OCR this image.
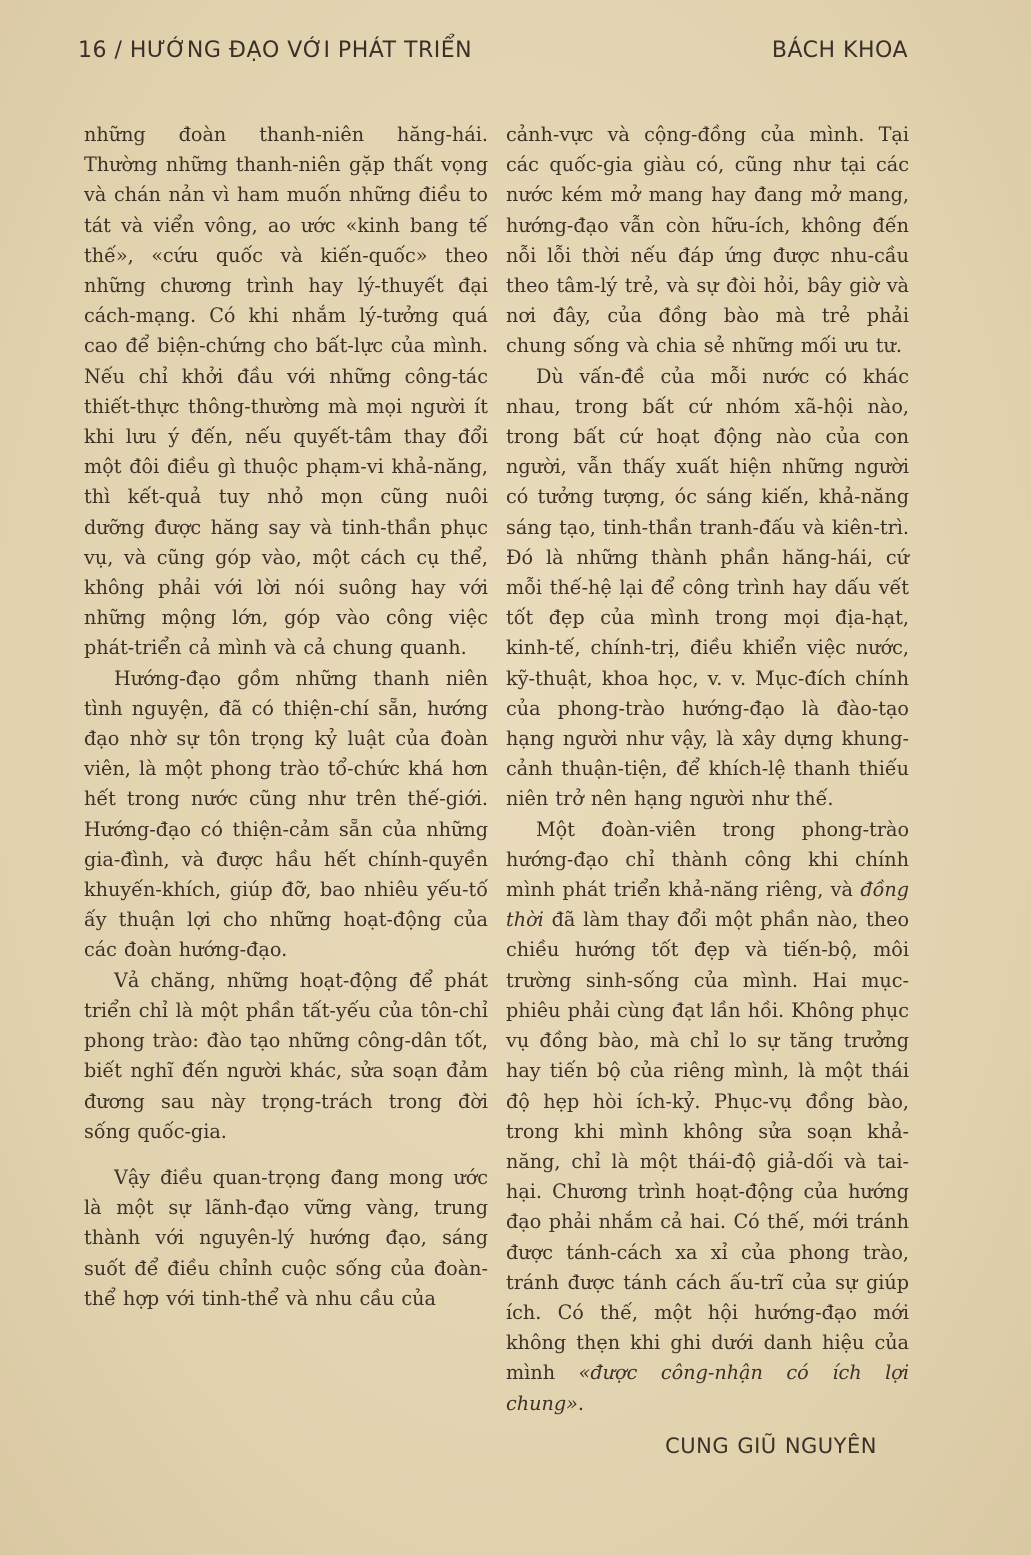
16 / HƯỚNG ĐẠO VỚI PHÁT TRIỂN	BÁCH KHOA

những đoàn thanh-niên hăng-hái. Thường những thanh-niên gặp thất vọng và chán nản vì ham muốn những điều to tát và viển vông, ao ước «kinh bang tế thế», «cứu quốc và kiến-quốc» theo những chương trình hay lý-thuyết đại cách-mạng. Có khi nhắm lý-tưởng quá cao để biện-chứng cho bất-lực của mình. Nếu chỉ khởi đầu với những công-tác thiết-thực thông-thường mà mọi người ít khi lưu ý đến, nếu quyết-tâm thay đổi một đôi điều gì thuộc phạm-vi khả-năng, thì kết-quả tuy nhỏ mọn cũng nuôi dưỡng được hăng say và tinh-thần phục vụ, và cũng góp vào, một cách cụ thể, không phải với lời nói suông hay với những mộng lớn, góp vào công việc phát-triển cả mình và cả chung quanh.

Hướng-đạo gồm những thanh niên tình nguyện, đã có thiện-chí sẵn, hướng đạo nhờ sự tôn trọng kỷ luật của đoàn viên, là một phong trào tổ-chức khá hơn hết trong nước cũng như trên thế-giới. Hướng-đạo có thiện-cảm sẵn của những gia-đình, và được hầu hết chính-quyền khuyến-khích, giúp đỡ, bao nhiêu yếu-tố ấy thuận lợi cho những hoạt-động của các đoàn hướng-đạo.

Vả chăng, những hoạt-động để phát triển chỉ là một phần tất-yếu của tôn-chỉ phong trào: đào tạo những công-dân tốt, biết nghĩ đến người khác, sửa soạn đảm đương sau này trọng-trách trong đời sống quốc-gia.

Vậy điều quan-trọng đang mong ước là một sự lãnh-đạo vững vàng, trung thành với nguyên-lý hướng đạo, sáng suốt để điều chỉnh cuộc sống của đoàn-thể hợp với tinh-thể và nhu cầu của

cảnh-vực và cộng-đồng của mình. Tại các quốc-gia giàu có, cũng như tại các nước kém mở mang hay đang mở mang, hướng-đạo vẫn còn hữu-ích, không đến nỗi lỗi thời nếu đáp ứng được nhu-cầu theo tâm-lý trẻ, và sự đòi hỏi, bây giờ và nơi đây, của đồng bào mà trẻ phải chung sống và chia sẻ những mối ưu tư.

Dù vấn-đề của mỗi nước có khác nhau, trong bất cứ nhóm xã-hội nào, trong bất cứ hoạt động nào của con người, vẫn thấy xuất hiện những người có tưởng tượng, óc sáng kiến, khả-năng sáng tạo, tinh-thần tranh-đấu và kiên-trì. Đó là những thành phần hăng-hái, cứ mỗi thế-hệ lại để công trình hay dấu vết tốt đẹp của mình trong mọi địa-hạt, kinh-tế, chính-trị, điều khiển việc nước, kỹ-thuật, khoa học, v. v. Mục-đích chính của phong-trào hướng-đạo là đào-tạo hạng người như vậy, là xây dựng khung-cảnh thuận-tiện, để khích-lệ thanh thiếu niên trở nên hạng người như thế.

Một đoàn-viên trong phong-trào hướng-đạo chỉ thành công khi chính mình phát triển khả-năng riêng, và đồng thời đã làm thay đổi một phần nào, theo chiều hướng tốt đẹp và tiến-bộ, môi trường sinh-sống của mình. Hai mục-phiêu phải cùng đạt lần hồi. Không phục vụ đồng bào, mà chỉ lo sự tăng trưởng hay tiến bộ của riêng mình, là một thái độ hẹp hòi ích-kỷ. Phục-vụ đồng bào, trong khi mình không sửa soạn khả-năng, chỉ là một thái-độ giả-dối và tai-hại. Chương trình hoạt-động của hướng đạo phải nhắm cả hai. Có thế, mới tránh được tánh-cách xa xỉ của phong trào, tránh được tánh cách ấu-trĩ của sự giúp ích. Có thế, một hội hướng-đạo mới không thẹn khi ghi dưới danh hiệu của mình «được công-nhận có ích lợi chung».

CUNG GIŨ NGUYÊN
